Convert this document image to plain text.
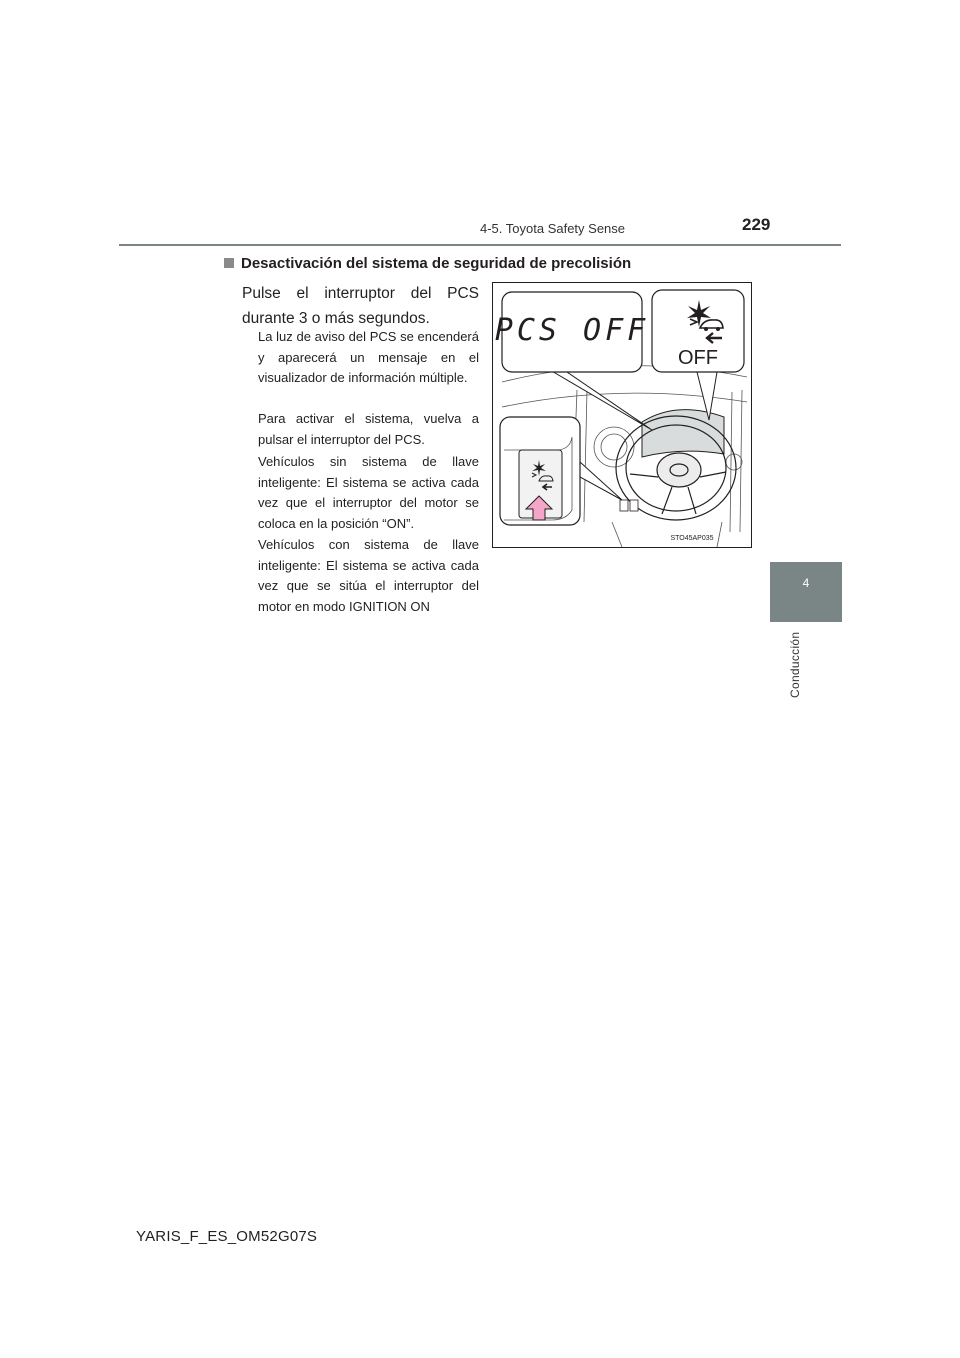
4-5. Toyota Safety Sense	229
4
Conducción
Desactivación del sistema de seguridad de precolisión
Pulse el interruptor del PCS durante 3 o más segundos.
La luz de aviso del PCS se encenderá y aparecerá un mensaje en el visualizador de información múltiple.
Para activar el sistema, vuelva a pulsar el interruptor del PCS.
Vehículos sin sistema de llave inteligente: El sistema se activa cada vez que el interruptor del motor se coloca en la posición “ON”.
Vehículos con sistema de llave inteligente: El sistema se activa cada vez que se sitúa el interruptor del motor en modo IGNITION ON
PCS OFF
OFF
STO45AP035
YARIS_F_ES_OM52G07S
